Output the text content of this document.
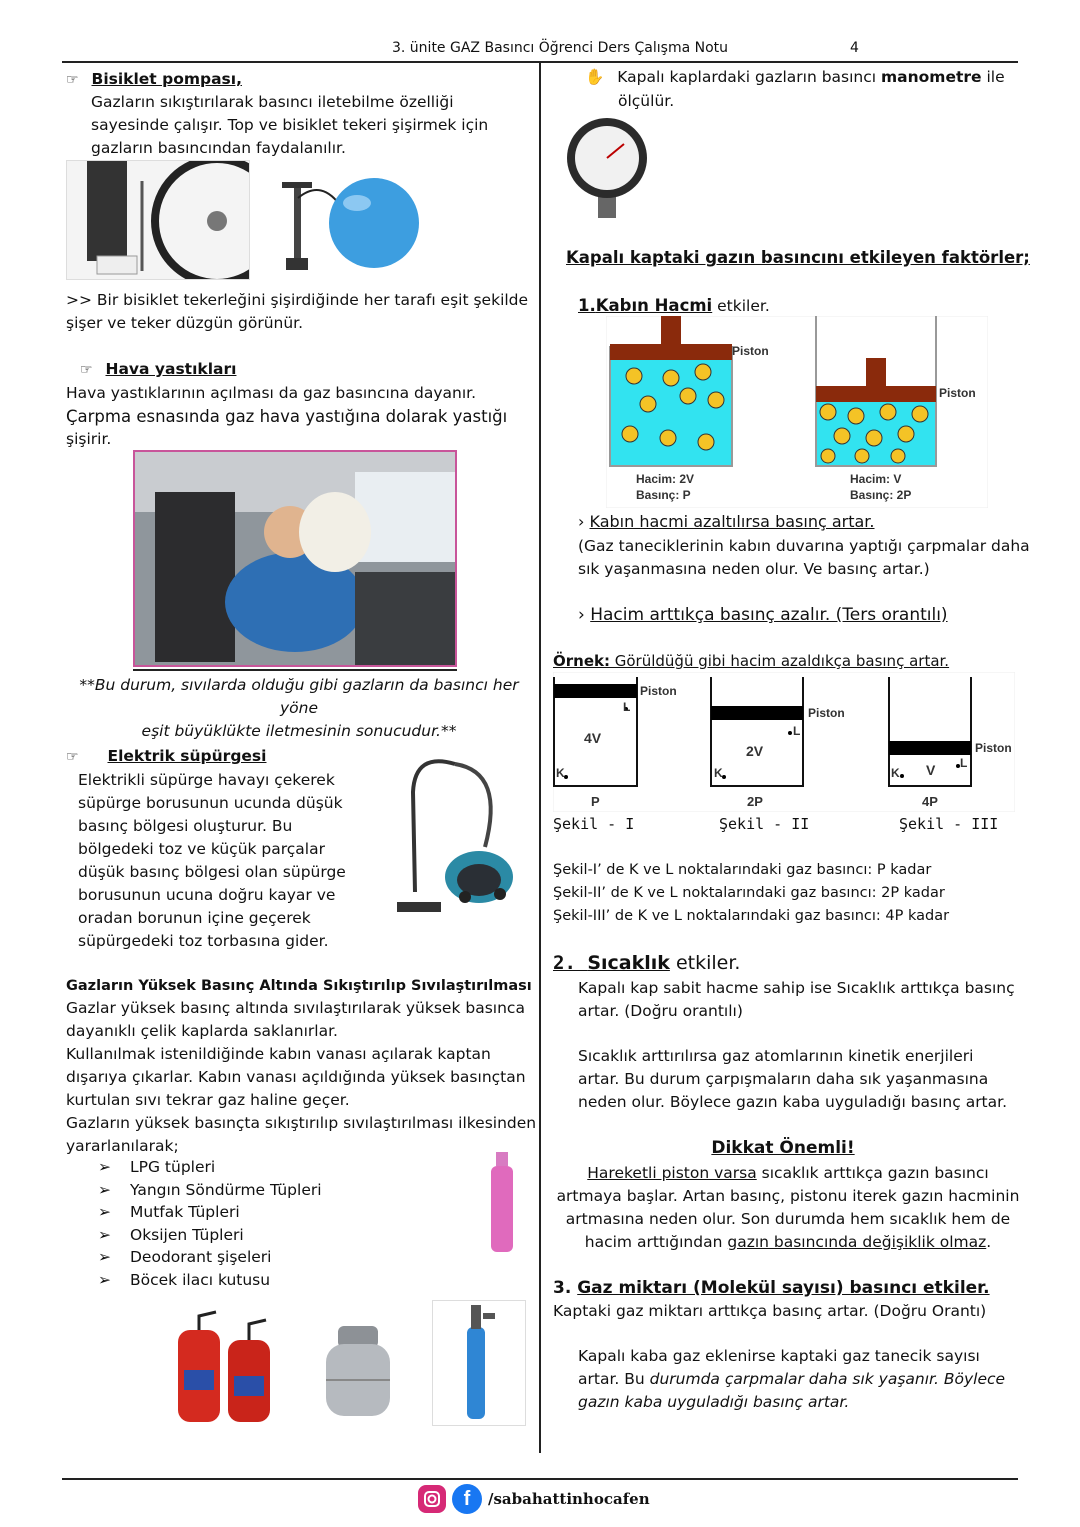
3. ünite GAZ Basıncı Öğrenci Ders Çalışma Notu	4
☞ Bisiklet pompası,
Gazların sıkıştırılarak basıncı iletebilme özelliği
sayesinde çalışır. Top ve bisiklet tekeri şişirmek için
gazların basıncından faydalanılır.
>> Bir bisiklet tekerleğini şişirdiğinde her tarafı eşit şekilde
şişer ve teker düzgün görünür.
☞ Hava yastıkları
Hava yastıklarının açılması da gaz basıncına dayanır.
Çarpma esnasında gaz hava yastığına dolarak yastığı
şişirir.
**Bu durum, sıvılarda olduğu gibi gazların da basıncı her yöne
eşit büyüklükte iletmesinin sonucudur.**
☞ Elektrik süpürgesi
Elektrikli süpürge havayı çekerek
süpürge borusunun ucunda düşük
basınç bölgesi oluşturur. Bu
bölgedeki toz ve küçük parçalar
düşük basınç bölgesi olan süpürge
borusunun ucuna doğru kayar ve
oradan borunun içine geçerek
süpürgedeki toz torbasına gider.
Gazların Yüksek Basınç Altında Sıkıştırılıp Sıvılaştırılması
Gazlar yüksek basınç altında sıvılaştırılarak yüksek basınca
dayanıklı çelik kaplarda saklanırlar.
Kullanılmak istenildiğinde kabın vanası açılarak kaptan
dışarıya çıkarlar. Kabın vanası açıldığında yüksek basınçtan
kurtulan sıvı tekrar gaz haline geçer.
Gazların yüksek basınçta sıkıştırılıp sıvılaştırılması ilkesinden
yararlanılarak;
➢ LPG tüpleri
➢ Yangın Söndürme Tüpleri
➢ Mutfak Tüpleri
➢ Oksijen Tüpleri
➢ Deodorant şişeleri
➢ Böcek ilacı kutusu
✋ Kapalı kaplardaki gazların basıncı manometre ile
ölçülür.
Kapalı kaptaki gazın basıncını etkileyen faktörler;
1.Kabın Hacmi etkiler.
Piston
Piston
Hacim: 2V
Basınç: P
Hacim: V
Basınç: 2P
› Kabın hacmi azaltılırsa basınç artar.
(Gaz taneciklerinin kabın duvarına yaptığı çarpmalar daha
sık yaşanmasına neden olur. Ve basınç artar.)
› Hacim arttıkça basınç azalır. (Ters orantılı)
Örnek: Görüldüğü gibi hacim azaldıkça basınç artar.
Piston
Piston
Piston
4V
2V
V
K	K	K
L
L
L
P	2P	4P
Şekil - I	Şekil - II	Şekil - III
Şekil-I’ de K ve L noktalarındaki gaz basıncı: P kadar
Şekil-II’ de K ve L noktalarındaki gaz basıncı: 2P kadar
Şekil-III’ de K ve L noktalarındaki gaz basıncı: 4P kadar
2. Sıcaklık etkiler.
Kapalı kap sabit hacme sahip ise Sıcaklık arttıkça basınç
artar. (Doğru orantılı)
Sıcaklık arttırılırsa gaz atomlarının kinetik enerjileri
artar. Bu durum çarpışmaların daha sık yaşanmasına
neden olur. Böylece gazın kaba uyguladığı basınç artar.
Dikkat Önemli!
Hareketli piston varsa sıcaklık arttıkça gazın basıncı
artmaya başlar. Artan basınç, pistonu iterek gazın hacminin
artmasına neden olur. Son durumda hem sıcaklık hem de
hacim arttığından gazın basıncında değişiklik olmaz.
3. Gaz miktarı (Molekül sayısı) basıncı etkiler.
Kaptaki gaz miktarı arttıkça basınç artar. (Doğru Orantı)
Kapalı kaba gaz eklenirse kaptaki gaz tanecik sayısı
artar. Bu durumda çarpmalar daha sık yaşanır. Böylece
gazın kaba uyguladığı basınç artar.
f	/sabahattinhocafen
